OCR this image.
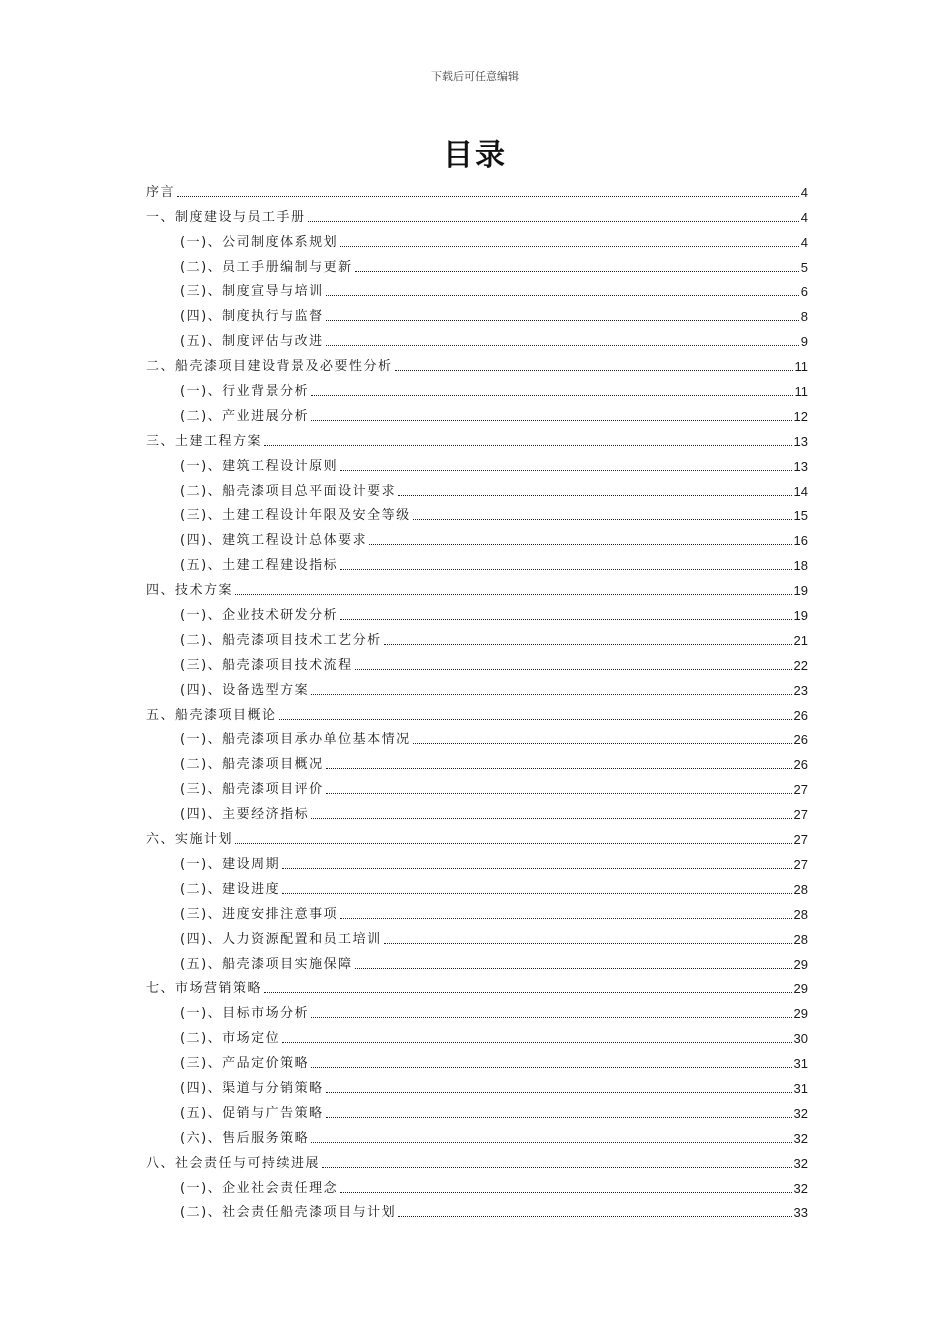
下载后可任意编辑
目录
序言	4
一、制度建设与员工手册	4
(一)、公司制度体系规划	4
(二)、员工手册编制与更新	5
(三)、制度宣导与培训	6
(四)、制度执行与监督	8
(五)、制度评估与改进	9
二、船壳漆项目建设背景及必要性分析	11
(一)、行业背景分析	11
(二)、产业进展分析	12
三、土建工程方案	13
(一)、建筑工程设计原则	13
(二)、船壳漆项目总平面设计要求	14
(三)、土建工程设计年限及安全等级	15
(四)、建筑工程设计总体要求	16
(五)、土建工程建设指标	18
四、技术方案	19
(一)、企业技术研发分析	19
(二)、船壳漆项目技术工艺分析	21
(三)、船壳漆项目技术流程	22
(四)、设备选型方案	23
五、船壳漆项目概论	26
(一)、船壳漆项目承办单位基本情况	26
(二)、船壳漆项目概况	26
(三)、船壳漆项目评价	27
(四)、主要经济指标	27
六、实施计划	27
(一)、建设周期	27
(二)、建设进度	28
(三)、进度安排注意事项	28
(四)、人力资源配置和员工培训	28
(五)、船壳漆项目实施保障	29
七、市场营销策略	29
(一)、目标市场分析	29
(二)、市场定位	30
(三)、产品定价策略	31
(四)、渠道与分销策略	31
(五)、促销与广告策略	32
(六)、售后服务策略	32
八、社会责任与可持续进展	32
(一)、企业社会责任理念	32
(二)、社会责任船壳漆项目与计划	33
